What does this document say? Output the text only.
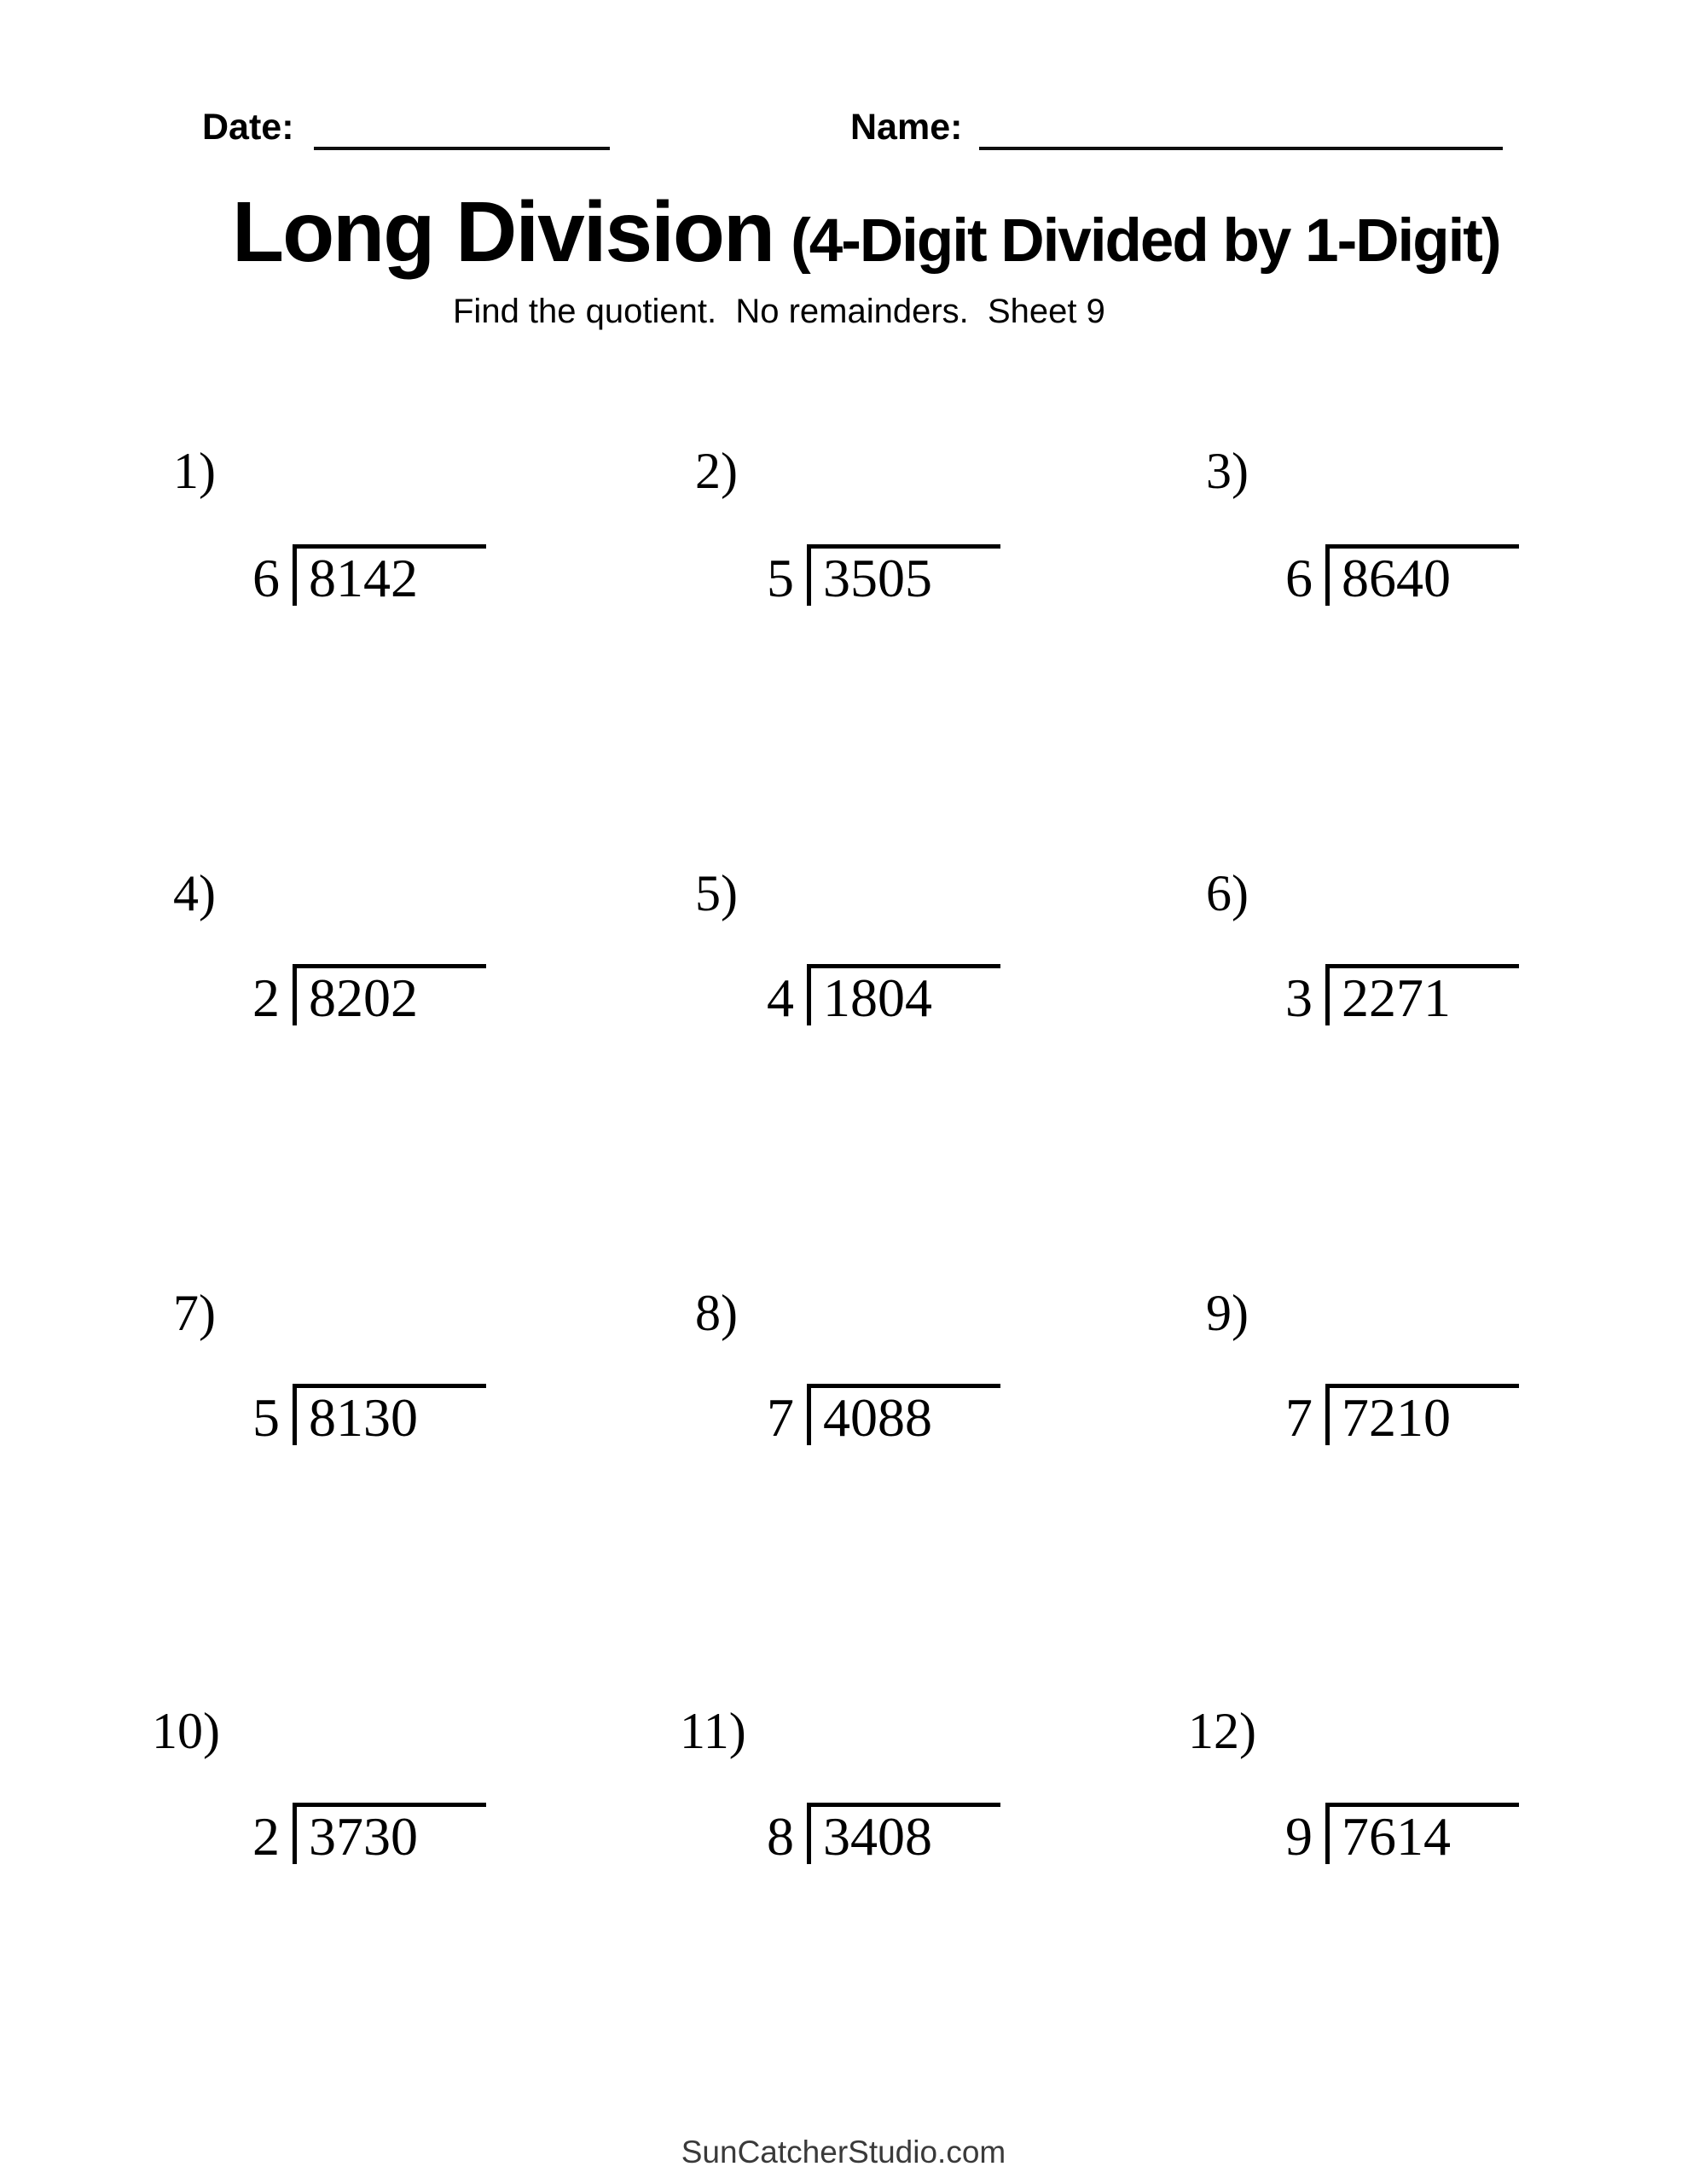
Date:	Name:
Long Division (4-Digit Divided by 1-Digit)
Find the quotient.  No remainders.  Sheet 9
1)
6 8142
2)
5 3505
3)
6 8640
4)
2 8202
5)
4 1804
6)
3 2271
7)
5 8130
8)
7 4088
9)
7 7210
10)
2 3730
11)
8 3408
12)
9 7614
SunCatcherStudio.com
